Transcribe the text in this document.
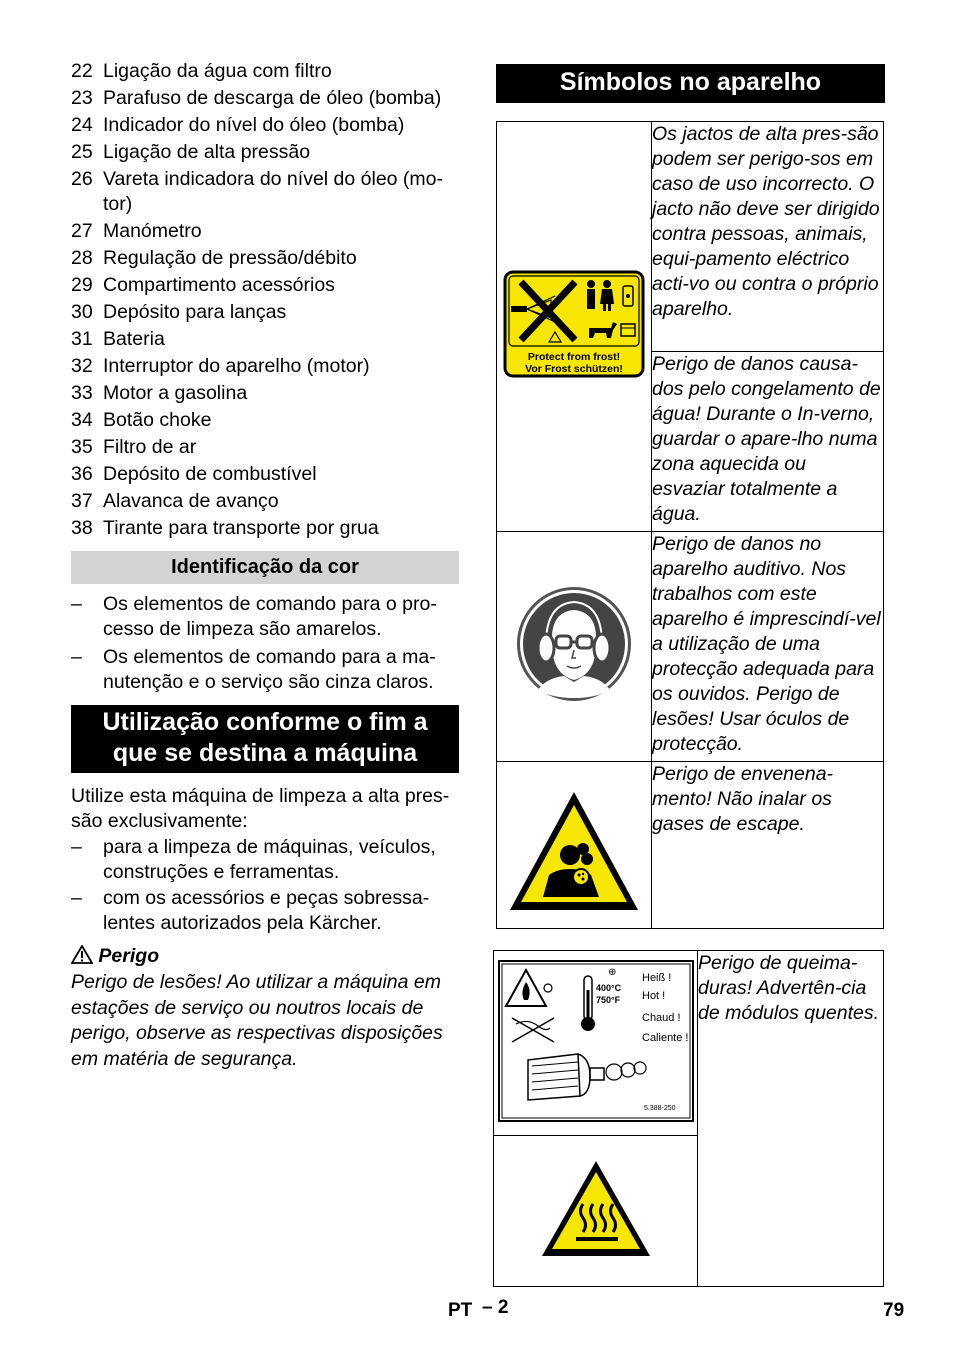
22 Ligação da água com filtro
23 Parafuso de descarga de óleo (bomba)
24 Indicador do nível do óleo (bomba)
25 Ligação de alta pressão
26 Vareta indicadora do nível do óleo (mo-tor)
27 Manómetro
28 Regulação de pressão/débito
29 Compartimento acessórios
30 Depósito para lanças
31 Bateria
32 Interruptor do aparelho (motor)
33 Motor a gasolina
34 Botão choke
35 Filtro de ar
36 Depósito de combustível
37 Alavanca de avanço
38 Tirante para transporte por grua
Identificação da cor
– Os elementos de comando para o pro-cesso de limpeza são amarelos.
– Os elementos de comando para a ma-nutenção e o serviço são cinza claros.
Utilização conforme o fim a que se destina a máquina

Utilize esta máquina de limpeza a alta pres-são exclusivamente:

– para a limpeza de máquinas, veículos, construções e ferramentas.
– com os acessórios e peças sobressa-lentes autorizados pela Kärcher.
Perigo

Perigo de lesões! Ao utilizar a máquina em estações de serviço ou noutros locais de perigo, observe as respectivas disposições em matéria de segurança.

Símbolos no aparelho
Protect from frost!
Vor Frost schützen!	Os jactos de alta pres-são podem ser perigo-sos em caso de uso incorrecto. O jacto não deve ser dirigido contra pessoas, animais, equi-pamento eléctrico acti-vo ou contra o próprio aparelho.
	Perigo de danos causa-dos pelo congelamento de água! Durante o In-verno, guardar o apare-lho numa zona aquecida ou esvaziar totalmente a água.
	Perigo de danos no aparelho auditivo. Nos trabalhos com este aparelho é imprescindí-vel a utilização de uma protecção adequada para os ouvidos. Perigo de lesões! Usar óculos de protecção.
	Perigo de envenena-mento! Não inalar os gases de escape.
⊕
400°C
750°F
Heiß !
Hot !
Chaud !
Caliente !
5.388-250
	Perigo de queima-duras! Advertên-cia de módulos quentes.

PT – 2	79
